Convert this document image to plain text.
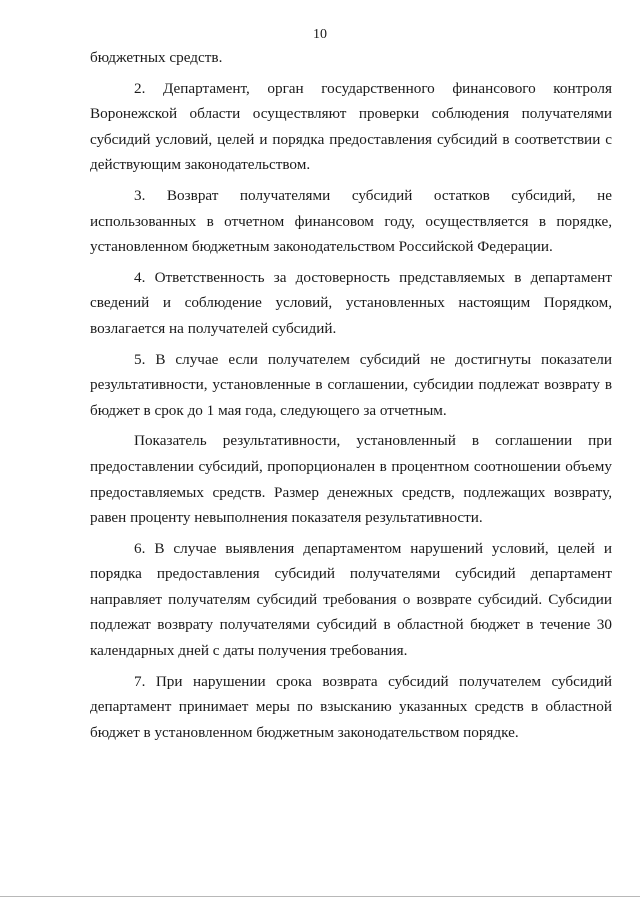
10

бюджетных средств.

2. Департамент, орган государственного финансового контроля Воронежской области осуществляют проверки соблюдения получателями субсидий условий, целей и порядка предоставления субсидий в соответствии с действующим законодательством.

3. Возврат получателями субсидий остатков субсидий, не использованных в отчетном финансовом году, осуществляется в порядке, установленном бюджетным законодательством Российской Федерации.

4. Ответственность за достоверность представляемых в департамент сведений и соблюдение условий, установленных настоящим Порядком, возлагается на получателей субсидий.

5. В случае если получателем субсидий не достигнуты показатели результативности, установленные в соглашении, субсидии подлежат возврату в бюджет в срок до 1 мая года, следующего за отчетным.

Показатель результативности, установленный в соглашении при предоставлении субсидий, пропорционален в процентном соотношении объему предоставляемых средств. Размер денежных средств, подлежащих возврату, равен проценту невыполнения показателя результативности.

6. В случае выявления департаментом нарушений условий, целей и порядка предоставления субсидий получателями субсидий департамент направляет получателям субсидий требования о возврате субсидий. Субсидии подлежат возврату получателями субсидий в областной бюджет в течение 30 календарных дней с даты получения требования.

7. При нарушении срока возврата субсидий получателем субсидий департамент принимает меры по взысканию указанных средств в областной бюджет в установленном бюджетным законодательством порядке.
